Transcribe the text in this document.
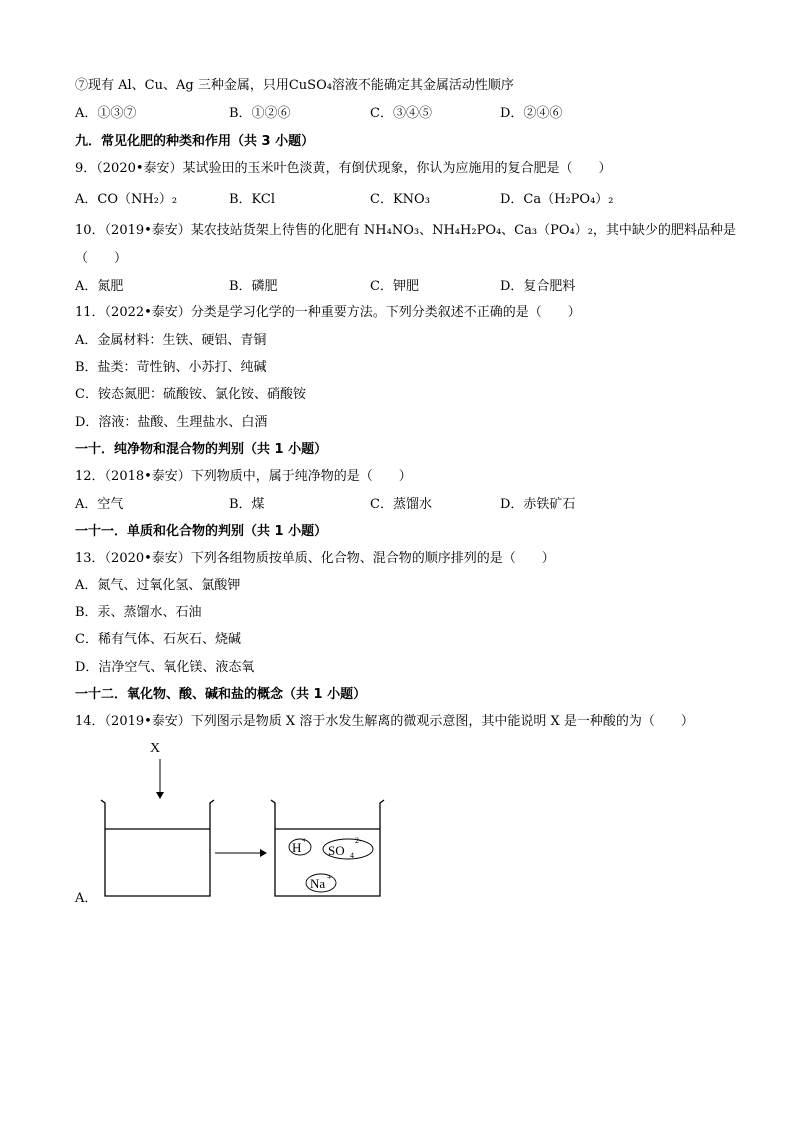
⑦现有 Al、Cu、Ag 三种金属，只用CuSO₄溶液不能确定其金属活动性顺序
A．①③⑦	B．①②⑥	C．③④⑤	D．②④⑥
九．常见化肥的种类和作用（共 3 小题）
9．（2020•泰安）某试验田的玉米叶色淡黄，有倒伏现象，你认为应施用的复合肥是（　　）
A．CO（NH₂）₂	B．KCl	C．KNO₃	D．Ca（H₂PO₄）₂
10．（2019•泰安）某农技站货架上待售的化肥有 NH₄NO₃、NH₄H₂PO₄、Ca₃（PO₄）₂，其中缺少的肥料品种是
（　　）
A．氮肥	B．磷肥	C．钾肥	D．复合肥料
11．（2022•泰安）分类是学习化学的一种重要方法。下列分类叙述不正确的是（　　）
A．金属材料：生铁、硬铝、青铜
B．盐类：苛性钠、小苏打、纯碱
C．铵态氮肥：硫酸铵、氯化铵、硝酸铵
D．溶液：盐酸、生理盐水、白酒
一十．纯净物和混合物的判别（共 1 小题）
12．（2018•泰安）下列物质中，属于纯净物的是（　　）
A．空气	B．煤	C．蒸馏水	D．赤铁矿石
一十一．单质和化合物的判别（共 1 小题）
13．（2020•泰安）下列各组物质按单质、化合物、混合物的顺序排列的是（　　）
A．氮气、过氧化氢、氯酸钾
B．汞、蒸馏水、石油
C．稀有气体、石灰石、烧碱
D．洁净空气、氧化镁、液态氧
一十二．氧化物、酸、碱和盐的概念（共 1 小题）
14．（2019•泰安）下列图示是物质 X 溶于水发生解离的微观示意图，其中能说明 X 是一种酸的为（　　）
X
H +
SO 4
2-
Na +
A．
